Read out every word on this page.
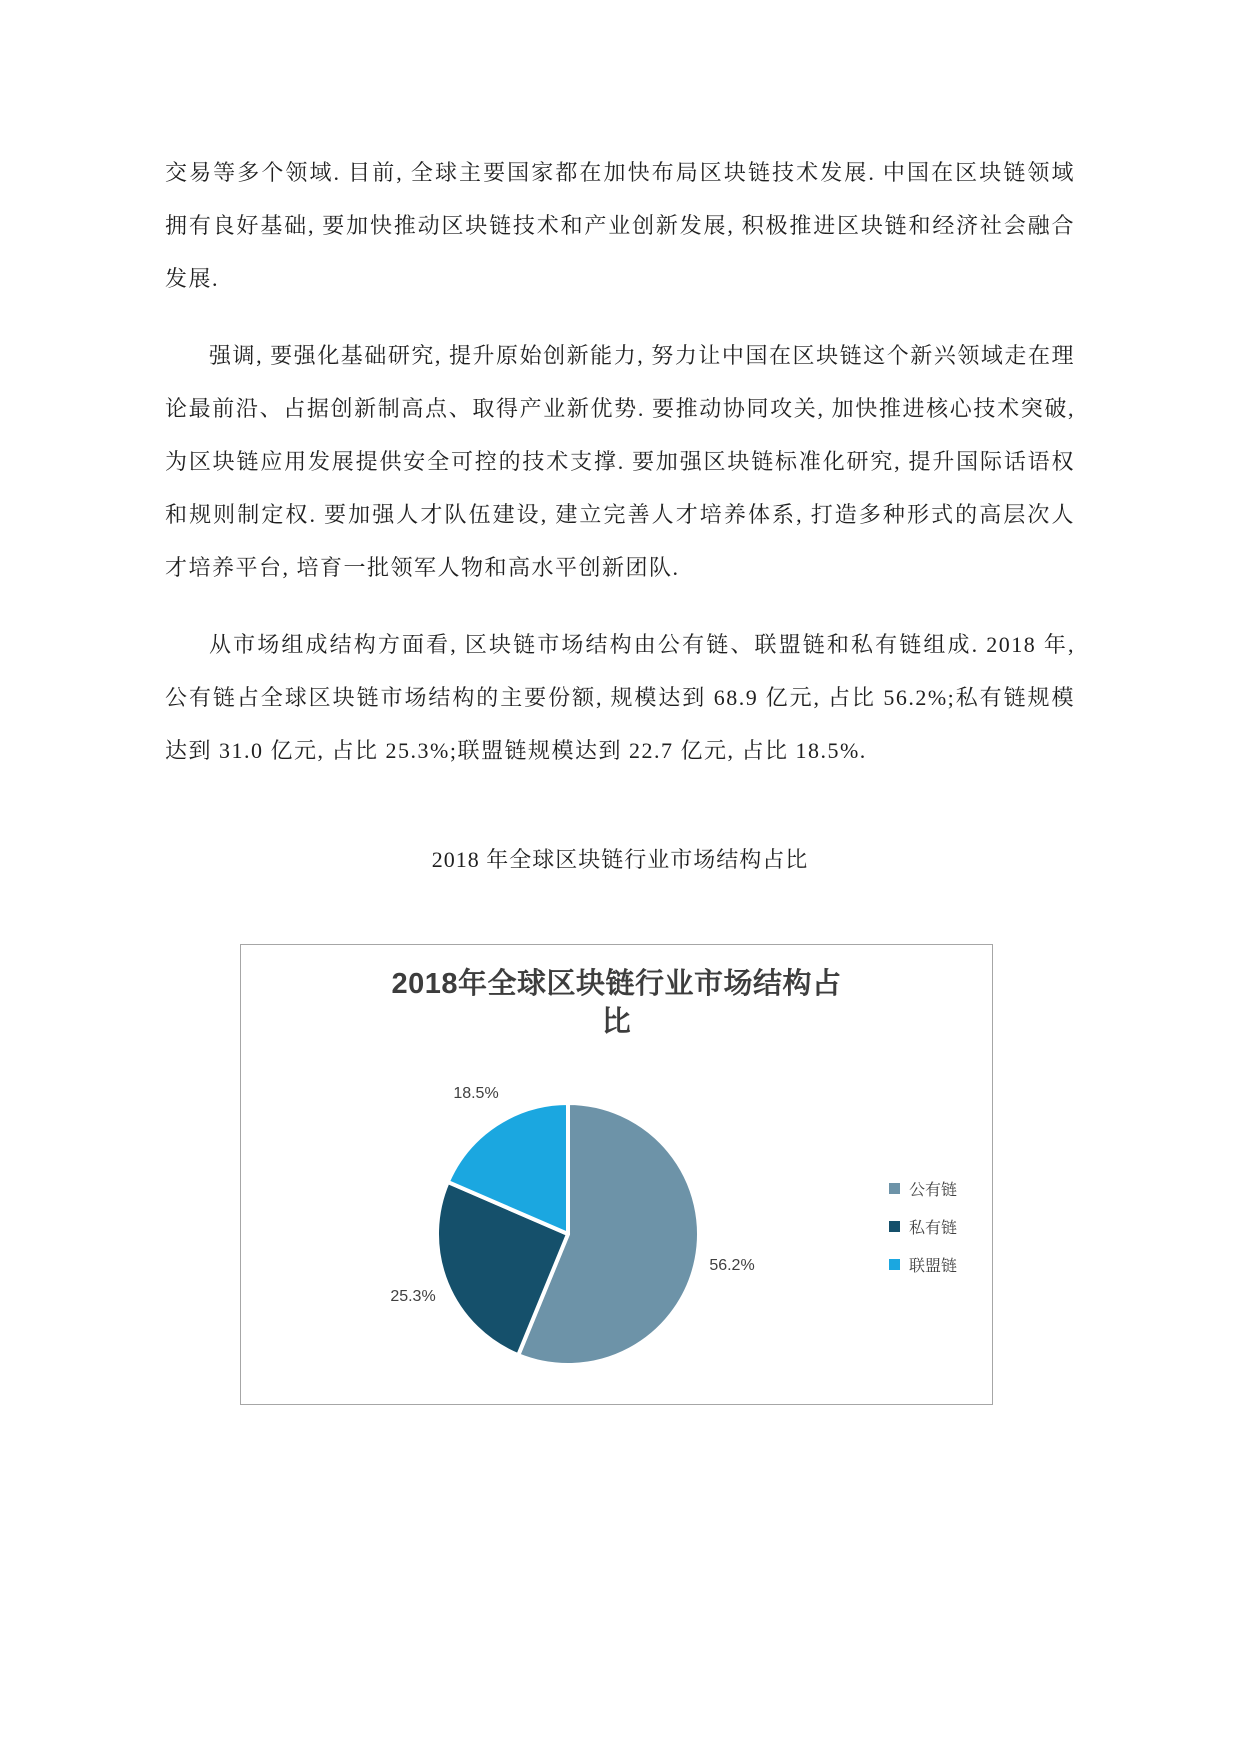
交易等多个领域. 目前, 全球主要国家都在加快布局区块链技术发展. 中国在区块链领域拥有良好基础, 要加快推动区块链技术和产业创新发展, 积极推进区块链和经济社会融合发展.

强调, 要强化基础研究, 提升原始创新能力, 努力让中国在区块链这个新兴领域走在理论最前沿、占据创新制高点、取得产业新优势. 要推动协同攻关, 加快推进核心技术突破, 为区块链应用发展提供安全可控的技术支撑. 要加强区块链标准化研究, 提升国际话语权和规则制定权. 要加强人才队伍建设, 建立完善人才培养体系, 打造多种形式的高层次人才培养平台, 培育一批领军人物和高水平创新团队.

从市场组成结构方面看, 区块链市场结构由公有链、联盟链和私有链组成. 2018 年, 公有链占全球区块链市场结构的主要份额, 规模达到 68.9 亿元, 占比 56.2%;私有链规模达到 31.0 亿元, 占比 25.3%;联盟链规模达到 22.7 亿元, 占比 18.5%.

2018 年全球区块链行业市场结构占比
2018年全球区块链行业市场结构占比
56.2%
25.3%
18.5%
公有链
私有链
联盟链
